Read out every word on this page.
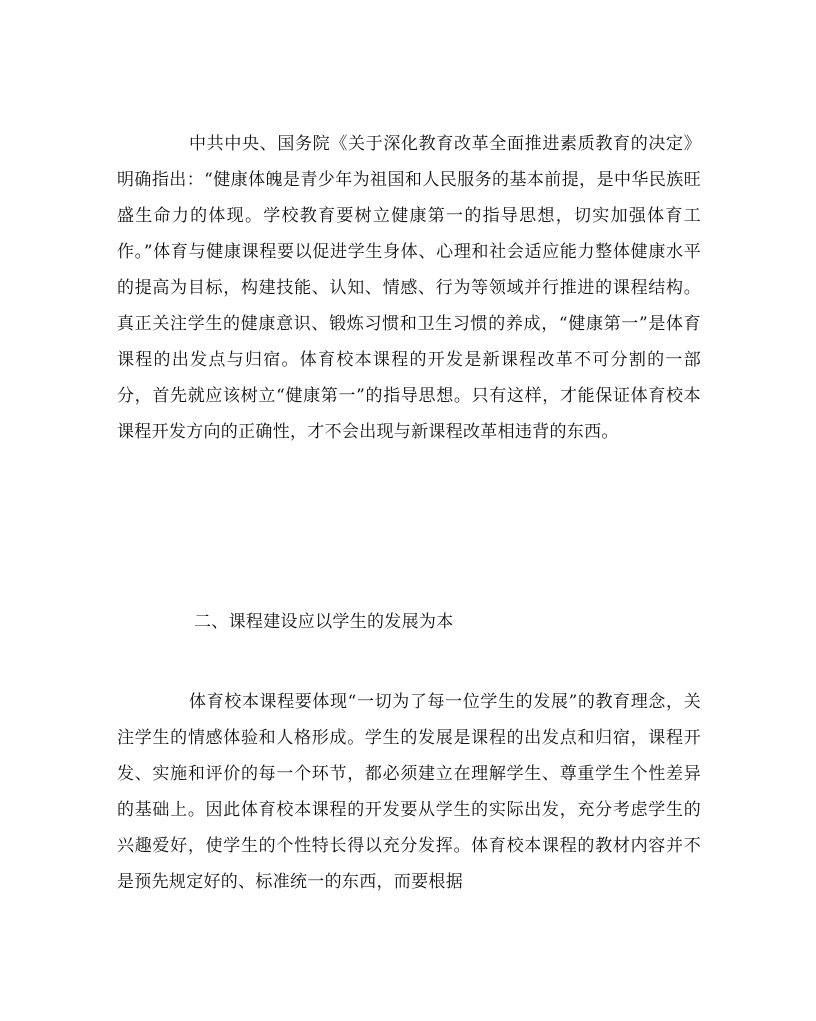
中共中央、国务院《关于深化教育改革全面推进素质教育的决定》明确指出：“健康体魄是青少年为祖国和人民服务的基本前提，是中华民族旺盛生命力的体现。学校教育要树立健康第一的指导思想，切实加强体育工作。”体育与健康课程要以促进学生身体、心理和社会适应能力整体健康水平的提高为目标，构建技能、认知、情感、行为等领域并行推进的课程结构。真正关注学生的健康意识、锻炼习惯和卫生习惯的养成，“健康第一”是体育课程的出发点与归宿。体育校本课程的开发是新课程改革不可分割的一部分，首先就应该树立“健康第一”的指导思想。只有这样，才能保证体育校本课程开发方向的正确性，才不会出现与新课程改革相违背的东西。

二、课程建设应以学生的发展为本

体育校本课程要体现“一切为了每一位学生的发展”的教育理念，关注学生的情感体验和人格形成。学生的发展是课程的出发点和归宿，课程开发、实施和评价的每一个环节，都必须建立在理解学生、尊重学生个性差异的基础上。因此体育校本课程的开发要从学生的实际出发，充分考虑学生的兴趣爱好，使学生的个性特长得以充分发挥。体育校本课程的教材内容并不是预先规定好的、标准统一的东西，而要根据
